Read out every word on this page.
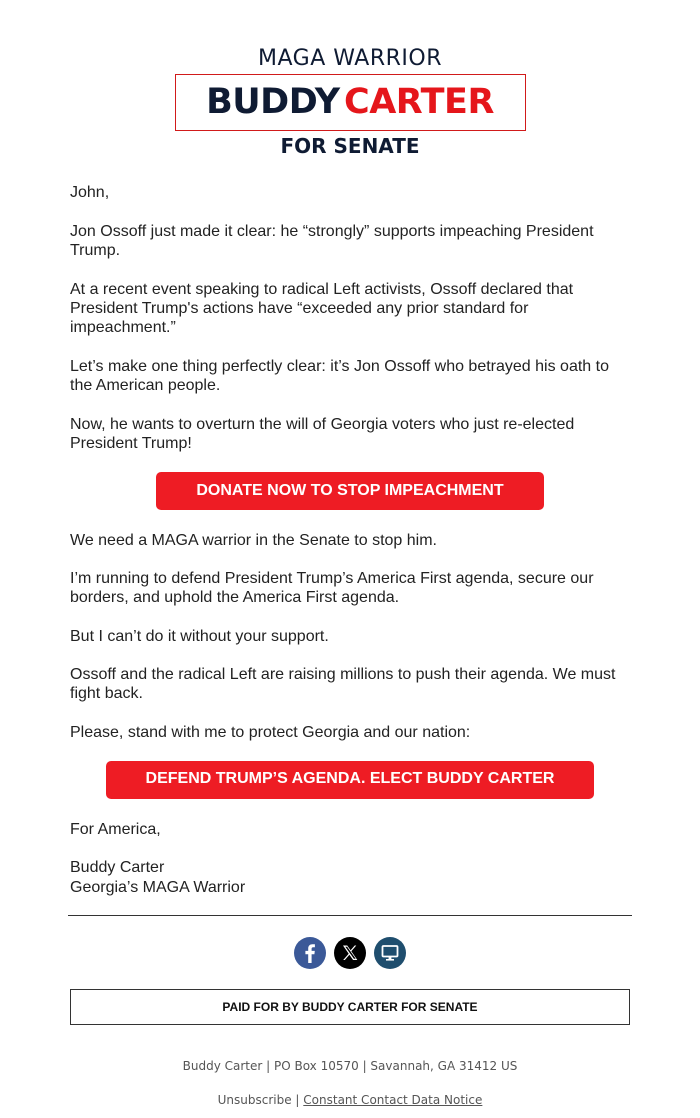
MAGA WARRIOR
BUDDY CARTER
FOR SENATE
John,
Jon Ossoff just made it clear: he “strongly” supports impeaching President Trump.
At a recent event speaking to radical Left activists, Ossoff declared that President Trump's actions have “exceeded any prior standard for impeachment.”
Let’s make one thing perfectly clear: it’s Jon Ossoff who betrayed his oath to the American people.
Now, he wants to overturn the will of Georgia voters who just re-elected President Trump!
DONATE NOW TO STOP IMPEACHMENT
We need a MAGA warrior in the Senate to stop him.
I’m running to defend President Trump’s America First agenda, secure our borders, and uphold the America First agenda.
But I can’t do it without your support.
Ossoff and the radical Left are raising millions to push their agenda. We must fight back.
Please, stand with me to protect Georgia and our nation:
DEFEND TRUMP’S AGENDA. ELECT BUDDY CARTER
For America,
Buddy Carter
Georgia’s MAGA Warrior

PAID FOR BY BUDDY CARTER FOR SENATE
Buddy Carter | PO Box 10570 | Savannah, GA 31412 US
Unsubscribe | Constant Contact Data Notice
